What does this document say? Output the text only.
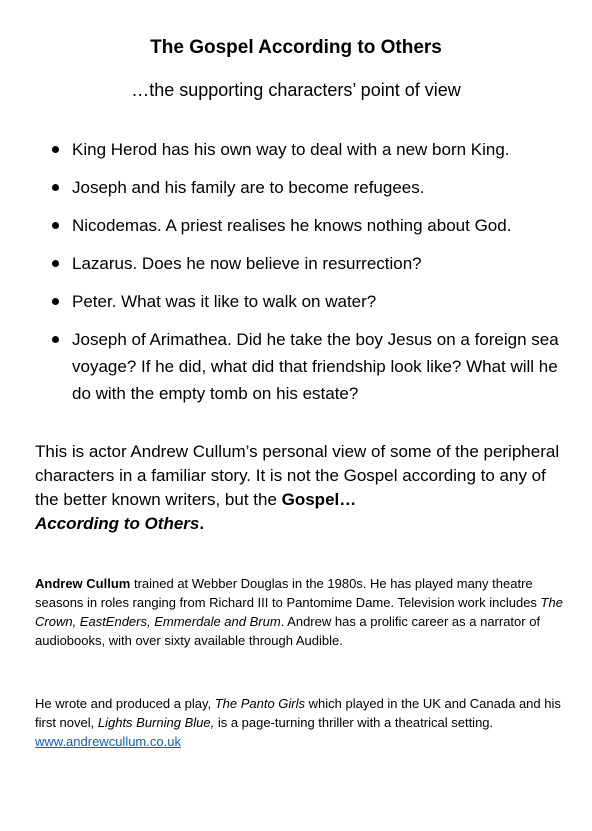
The Gospel According to Others
…the supporting characters’ point of view
King Herod has his own way to deal with a new born King.
Joseph and his family are to become refugees.
Nicodemas. A priest realises he knows nothing about God.
Lazarus. Does he now believe in resurrection?
Peter. What was it like to walk on water?
Joseph of Arimathea. Did he take the boy Jesus on a foreign sea voyage? If he did, what did that friendship look like? What will he do with the empty tomb on his estate?

This is actor Andrew Cullum’s personal view of some of the peripheral characters in a familiar story. It is not the Gospel according to any of the better known writers, but the Gospel…
According to Others.

Andrew Cullum trained at Webber Douglas in the 1980s. He has played many theatre seasons in roles ranging from Richard III to Pantomime Dame. Television work includes The Crown, EastEnders, Emmerdale and Brum. Andrew has a prolific career as a narrator of audiobooks, with over sixty available through Audible.

He wrote and produced a play, The Panto Girls which played in the UK and Canada and his first novel, Lights Burning Blue, is a page-turning thriller with a theatrical setting. www.andrewcullum.co.uk
